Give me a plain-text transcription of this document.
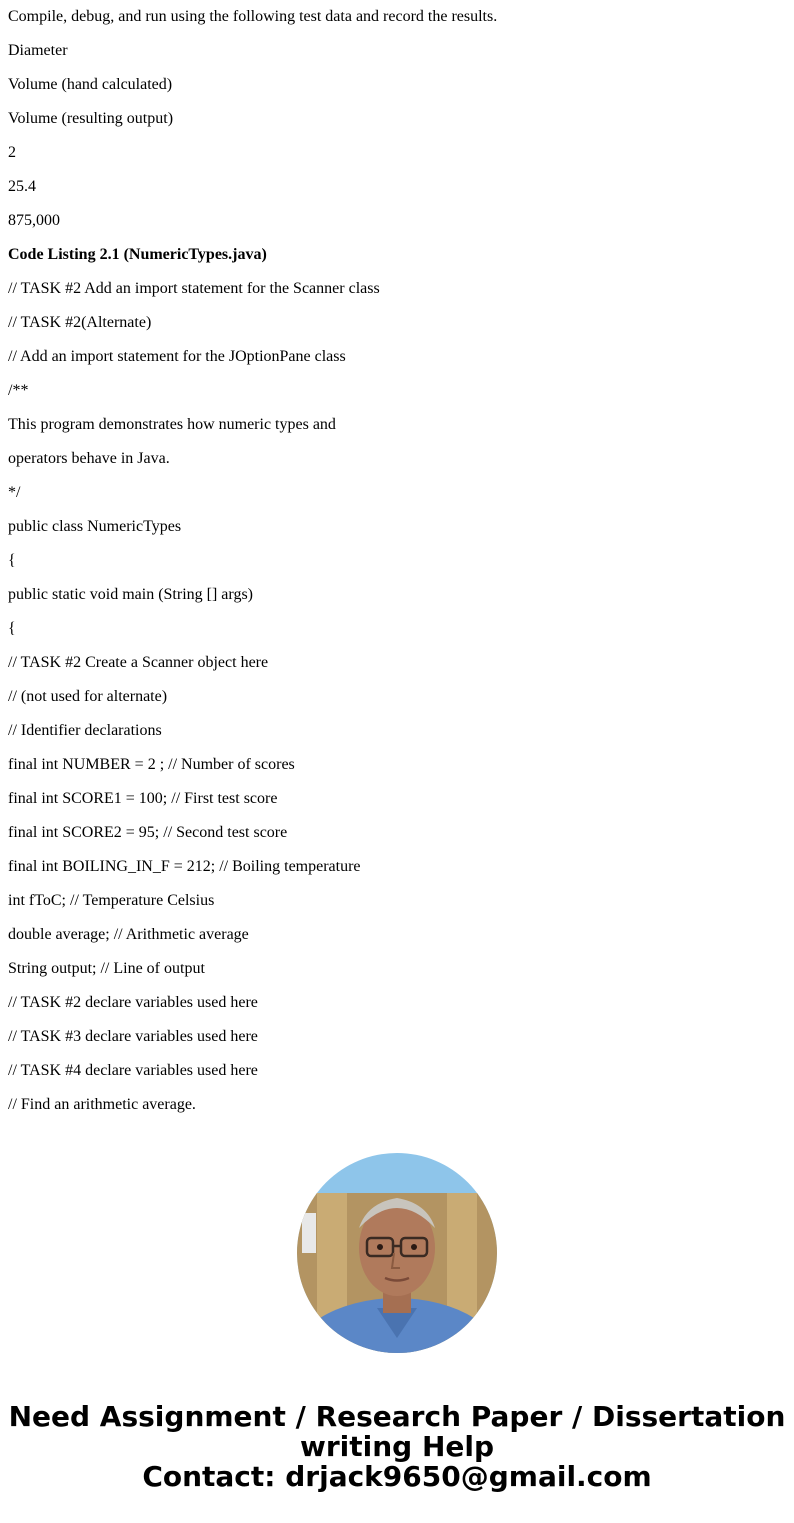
Compile, debug, and run using the following test data and record the results.
Diameter
Volume (hand calculated)
Volume (resulting output)
2
25.4
875,000
Code Listing 2.1 (NumericTypes.java)
// TASK #2 Add an import statement for the Scanner class
// TASK #2(Alternate)
// Add an import statement for the JOptionPane class
/**
This program demonstrates how numeric types and
operators behave in Java.
*/
public class NumericTypes
{
public static void main (String [] args)
{
// TASK #2 Create a Scanner object here
// (not used for alternate)
// Identifier declarations
final int NUMBER = 2 ; // Number of scores
final int SCORE1 = 100; // First test score
final int SCORE2 = 95; // Second test score
final int BOILING_IN_F = 212; // Boiling temperature
int fToC; // Temperature Celsius
double average; // Arithmetic average
String output; // Line of output
// TASK #2 declare variables used here
// TASK #3 declare variables used here
// TASK #4 declare variables used here
// Find an arithmetic average.
Need Assignment / Research Paper / Dissertation
writing Help
Contact: drjack9650@gmail.com
